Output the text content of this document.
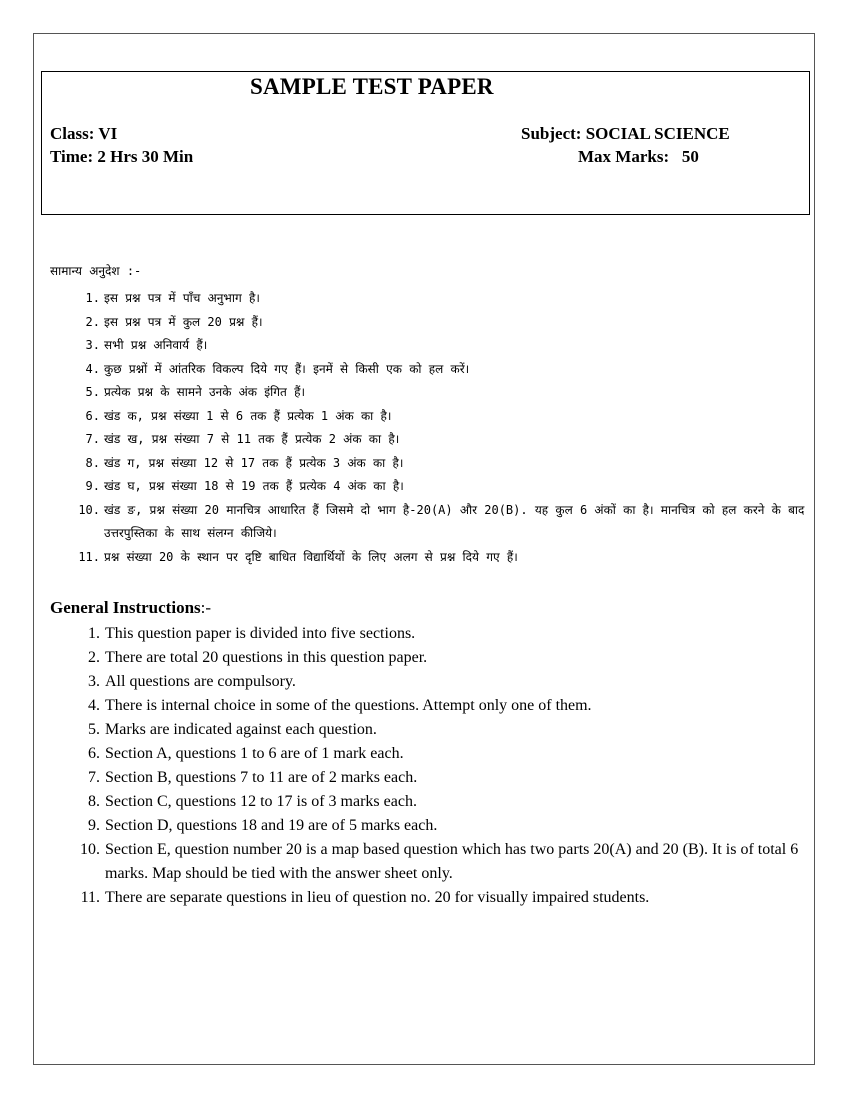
SAMPLE TEST PAPER
Class: VI	Subject: SOCIAL SCIENCE
Time: 2 Hrs 30 Min	Max Marks:   50
सामान्य अनुदेश :-
1. इस प्रश्न पत्र में पाँच अनुभाग है।
2. इस प्रश्न पत्र में कुल 20 प्रश्न हैं।
3. सभी प्रश्न अनिवार्य हैं।
4. कुछ प्रश्नों में आंतरिक विकल्प दिये गए हैं। इनमें से किसी एक को हल करें।
5. प्रत्येक प्रश्न के सामने उनके अंक इंगित हैं।
6. खंड क, प्रश्न संख्या 1 से 6 तक हैं प्रत्येक 1 अंक का है।
7. खंड ख, प्रश्न संख्या 7 से 11 तक हैं प्रत्येक 2 अंक का है।
8. खंड ग, प्रश्न संख्या 12 से 17 तक हैं प्रत्येक 3 अंक का है।
9. खंड घ, प्रश्न संख्या 18 से 19 तक हैं प्रत्येक 4 अंक का है।
10. खंड ङ, प्रश्न संख्या 20 मानचित्र आधारित हैं जिसमे दो भाग है-20(A) और 20(B). यह कुल 6 अंकों का है। मानचित्र को हल करने के बाद उत्तरपुस्तिका के साथ संलग्न कीजिये।
11. प्रश्न संख्या 20 के स्थान पर दृष्टि बाधित विद्यार्थियों के लिए अलग से प्रश्न दिये गए हैं।
General Instructions:-
1. This question paper is divided into five sections.
2. There are total 20 questions in this question paper.
3. All questions are compulsory.
4. There is internal choice in some of the questions. Attempt only one of them.
5. Marks are indicated against each question.
6. Section A, questions 1 to 6 are of 1 mark each.
7. Section B, questions 7 to 11 are of 2 marks each.
8. Section C, questions 12 to 17 is of 3 marks each.
9. Section D, questions 18 and 19 are of 5 marks each.
10. Section E, question number 20 is a map based question which has two parts 20(A) and 20 (B). It is of total 6 marks. Map should be tied with the answer sheet only.
11. There are separate questions in lieu of question no. 20 for visually impaired students.
